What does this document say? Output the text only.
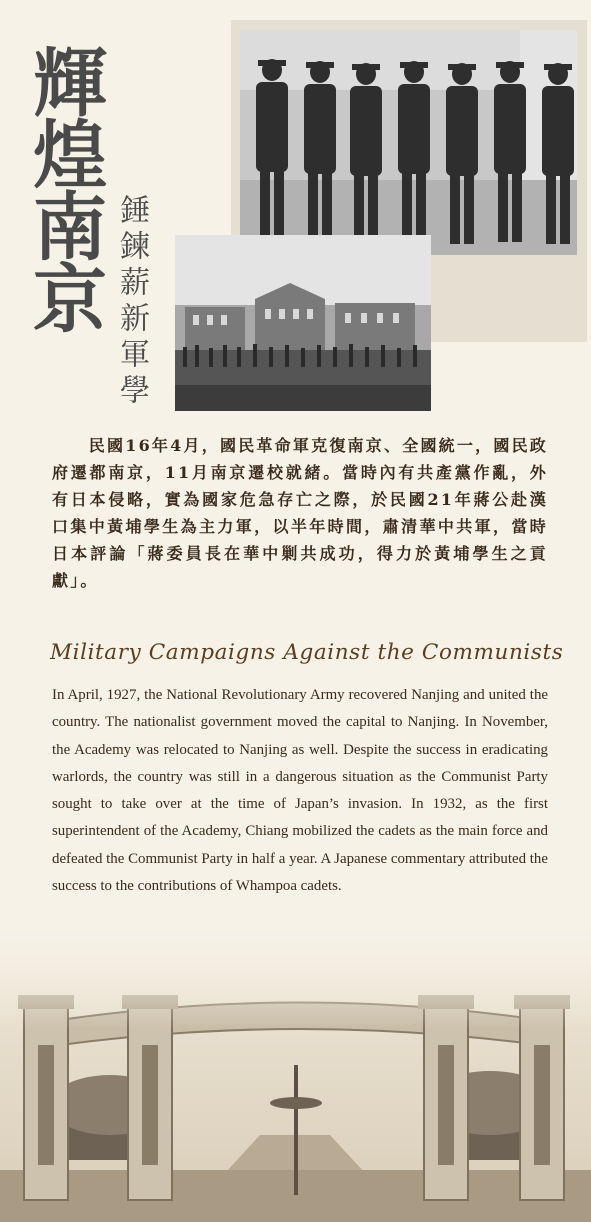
輝煌南京 錘鍊薪新軍學

民國16年4月，國民革命軍克復南京、全國統一，國民政府遷都南京，11月南京遷校就緒。當時內有共產黨作亂，外有日本侵略，實為國家危急存亡之際，於民國21年蔣公赴漢口集中黃埔學生為主力軍，以半年時間，肅清華中共軍，當時日本評論「蔣委員長在華中剿共成功，得力於黃埔學生之貢獻」。

Military Campaigns Against the Communists

In April, 1927, the National Revolutionary Army recovered Nanjing and united the country. The nationalist government moved the capital to Nanjing. In November, the Academy was relocated to Nanjing as well. Despite the success in eradicating warlords, the country was still in a dangerous situation as the Communist Party sought to take over at the time of Japan’s invasion. In 1932, as the first superintendent of the Academy, Chiang mobilized the cadets as the main force and defeated the Communist Party in half a year. A Japanese commentary attributed the success to the contributions of Whampoa cadets.
